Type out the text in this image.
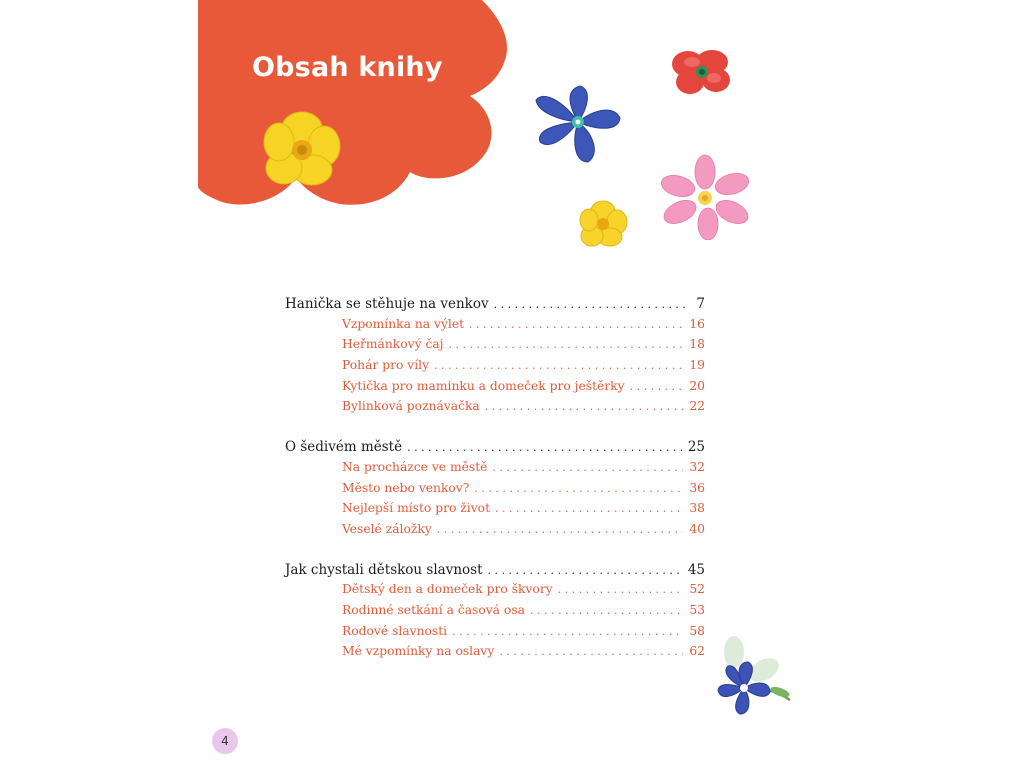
Obsah knihy
Hanička se stěhuje na venkov . . .	7
Vzpomínka na výlet . . .	16
Heřmánkový čaj . . .	18
Pohár pro víly . . .	19
Kytička pro maminku a domeček pro ještěrky . . .	20
Bylinková poznávačka . . .	22
O šedivém městě . . .	25
Na procházce ve městě . . .	32
Město nebo venkov? . . .	36
Nejlepší místo pro život . . .	38
Veselé záložky . . .	40
Jak chystali dětskou slavnost . . .	45
Dětský den a domeček pro škvory . . .	52
Rodinné setkání a časová osa . . .	53
Rodové slavnosti . . .	58
Mé vzpomínky na oslavy . . .	62
4
